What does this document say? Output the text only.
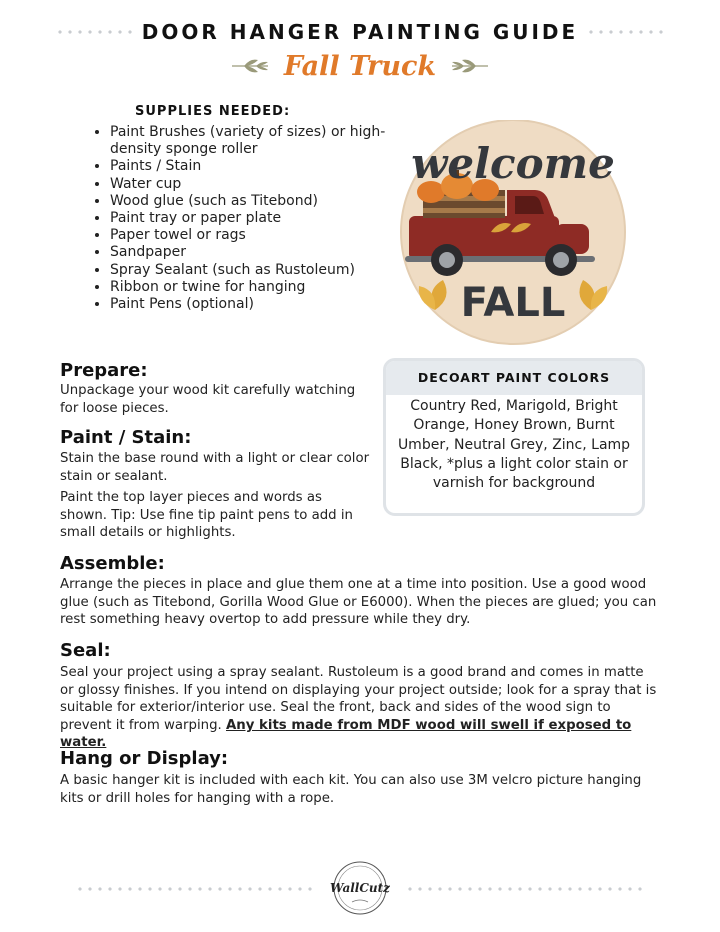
DOOR HANGER PAINTING GUIDE
Fall Truck
SUPPLIES NEEDED:
• Paint Brushes (variety of sizes) or high-density sponge roller
• Paints / Stain
• Water cup
• Wood glue (such as Titebond)
• Paint tray or paper plate
• Paper towel or rags
• Sandpaper
• Spray Sealant (such as Rustoleum)
• Ribbon or twine for hanging
• Paint Pens (optional)
welcome
FALL
DECOART PAINT COLORS
Country Red, Marigold, Bright Orange, Honey Brown, Burnt Umber, Neutral Grey, Zinc, Lamp Black, *plus a light color stain or varnish for background
Prepare:

Unpackage your wood kit carefully watching for loose pieces.

Paint / Stain:

Stain the base round with a light or clear color stain or sealant.

Paint the top layer pieces and words as shown. Tip: Use fine tip paint pens to add in small details or highlights.

Assemble:

Arrange the pieces in place and glue them one at a time into position. Use a good wood glue (such as Titebond, Gorilla Wood Glue or E6000). When the pieces are glued; you can rest something heavy overtop to add pressure while they dry.

Seal:

Seal your project using a spray sealant. Rustoleum is a good brand and comes in matte or glossy finishes. If you intend on displaying your project outside; look for a spray that is suitable for exterior/interior use. Seal the front, back and sides of the wood sign to prevent it from warping. Any kits made from MDF wood will swell if exposed to water.

Hang or Display:

A basic hanger kit is included with each kit. You can also use 3M velcro picture hanging kits or drill holes for hanging with a rope.

WallCutz
